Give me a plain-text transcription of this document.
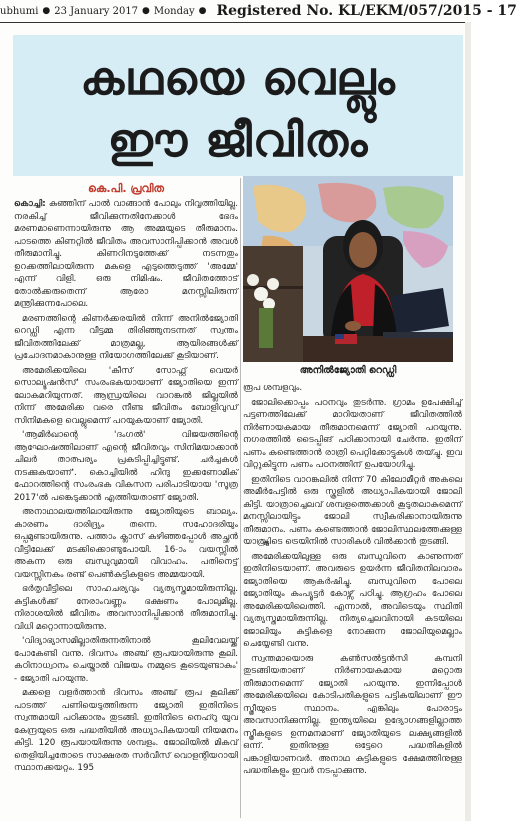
ubhumi ● 23 January 2017 ● Monday ● Registered No. KL/EKM/057/2015 - 17
കഥയെ വെല്ലും
ഈ ജീവിതം
കെ.പി. പ്രവിത
അനിൽജ്യോതി റെഡ്ഡി

കൊച്ചി: കുഞ്ഞിന് പാൽ വാങ്ങാൻ പോലും നിവൃത്തിയില്ല. നരകിച്ച് ജീവിക്കുന്നതിനേക്കാൾ ഭേദം മരണമാണെന്നായിരുന്നു ആ അമ്മയുടെ തീരുമാനം. പാടത്തെ കിണറ്റിൽ ജീവിതം അവസാനിപ്പിക്കാൻ അവൾ തീരുമാനിച്ചു. കിണറിനടുത്തേക്ക് നടന്നതും ഉറക്കത്തിലായിരുന്ന മകളെ എടുത്തെടുത്ത് 'അമ്മേ' എന്ന് വിളി. ഒരു നിമിഷം. ജീവിതത്തോട് തോൽക്കരുതെന്ന് ആരോ മനസ്സിലിരുന്ന് മന്ത്രിക്കുന്നപോലെ.

മരണത്തിന്റെ കിണർക്കരയിൽ നിന്ന് അനിൽജ്യോതി റെഡ്ഡി എന്ന വീട്ടമ്മ തിരിഞ്ഞുനടന്നത് സ്വന്തം ജീവിതത്തിലേക്ക് മാത്രമല്ല, ആയിരങ്ങൾക്ക് പ്രചോദനമാകാനുള്ള നിയോഗത്തിലേക്ക് കൂടിയാണ്.

അമേരിക്കയിലെ 'കീസ് സോഫ്റ്റ് വെയർ സൊല്യൂഷൻസ്' സംരംഭകയായാണ് ജ്യോതിയെ ഇന്ന് ലോകമറിയുന്നത്. ആന്ധ്രയിലെ വാറങ്കൽ ജില്ലയിൽ നിന്ന് അമേരിക്ക വരെ നീണ്ട ജീവിതം ബോളിവുഡ് സിനിമകളെ വെല്ലുമെന്ന് പറയുകയാണ് ജ്യോതി.

'ആമിർഖാന്റെ 'ദംഗൽ' വിജയത്തിന്റെ ആഘോഷത്തിലാണ് എന്റെ ജീവിതവും സിനിമയാക്കാൻ ചിലർ താത്പര്യം പ്രകടിപ്പിച്ചിട്ടുണ്ട്. ചർച്ചകൾ നടക്കുകയാണ്'. കൊച്ചിയിൽ ഹിന്ദു ഇക്കണോമിക് ഫോറത്തിന്റെ സംരംഭക വികസന പരിപാടിയായ 'സൂത്ര 2017'ൽ പങ്കെടുക്കാൻ എത്തിയതാണ് ജ്യോതി.

അനാഥാലയത്തിലായിരുന്നു ജ്യോതിയുടെ ബാല്യം. കാരണം ദാരിദ്ര്യം തന്നെ. സഹോദരിയും ഒപ്പമുണ്ടായിരുന്നു. പത്താം ക്ലാസ് കഴിഞ്ഞപ്പോൾ അച്ഛൻ വീട്ടിലേക്ക് മടക്കിക്കൊണ്ടുപോയി. 16-ാം വയസ്സിൽ അകന്ന ഒരു ബന്ധുവുമായി വിവാഹം. പതിനെട്ട് വയസ്സിനകം രണ്ട് പെൺകുട്ടികളുടെ അമ്മയായി.

ഭർതൃവീട്ടിലെ സാഹചര്യവും വ്യത്യസ്തമായിരുന്നില്ല. കുട്ടികൾക്ക് നേരാംവണ്ണം ഭക്ഷണം പോലുമില്ല. നിരാശയിൽ ജീവിതം അവസാനിപ്പിക്കാൻ തീരുമാനിച്ചു. വിധി മറ്റൊന്നായിരുന്നു.

'വിദ്യാഭ്യാസമില്ലാതിരുന്നതിനാൽ കൂലിവേലയ്ക്ക് പോകേണ്ടി വന്നു. ദിവസം അഞ്ച് രൂപയായിരുന്നു കൂലി. കഠിനാധ്വാനം ചെയ്താൽ വിജയം നമ്മുടെ കൂടെയുണ്ടാകും' - ജ്യോതി പറയുന്നു.

മക്കളെ വളർത്താൻ ദിവസം അഞ്ച് രൂപ കൂലിക്ക് പാടത്ത് പണിയെടുത്തിരുന്ന ജ്യോതി ഇതിനിടെ സ്വന്തമായി പഠിക്കാനും തുടങ്ങി. ഇതിനിടെ നെഹ്റു യുവ കേന്ദ്രയുടെ ഒരു പദ്ധതിയിൽ അധ്യാപികയായി നിയമനം കിട്ടി. 120 രൂപയായിരുന്നു ശമ്പളം. ജോലിയിൽ മികവ് തെളിയിച്ചതോടെ സാക്ഷരത സർവീസ് വൊളന്റിയറായി സ്ഥാനക്കയറ്റം. 195

രൂപ ശമ്പളവും.

ജോലിക്കൊപ്പം പഠനവും തുടർന്നു. ഗ്രാമം ഉപേക്ഷിച്ച് പട്ടണത്തിലേക്ക് മാറിയതാണ് ജീവിതത്തിൽ നിർണായകമായ തീരുമാനമെന്ന് ജ്യോതി പറയുന്നു. നഗരത്തിൽ ടൈപ്പിങ് പഠിക്കാനായി ചേർന്നു. ഇതിന് പണം കണ്ടെത്താൻ രാത്രി പെറ്റിക്കോട്ടുകൾ തയ്ച്ചു. ഇവ വിറ്റുകിട്ടുന്ന പണം പഠനത്തിന് ഉപയോഗിച്ചു.

ഇതിനിടെ വാറങ്കലിൽ നിന്ന് 70 കിലോമീറ്റർ അകലെ അമീർപേട്ടിൽ ഒരു സ്കൂളിൽ അധ്യാപികയായി ജോലി കിട്ടി. യാത്രാച്ചെലവ് ശമ്പളത്തെക്കാൾ കൂടുതലാകുമെന്ന് മനസ്സിലായിട്ടും ജോലി സ്വീകരിക്കാനായിരുന്നു തീരുമാനം. പണം കണ്ടെത്താൻ ജോലിസ്ഥലത്തേക്കുള്ള യാത്ര്യ്ക്കിടെ ട്രെയിനിൽ സാരികൾ വിൽക്കാൻ തുടങ്ങി.

അമേരിക്കയിലുള്ള ഒരു ബന്ധുവിനെ കാണുന്നത് ഇതിനിടെയാണ്. അവരുടെ ഉയർന്ന ജീവിതനിലവാരം ജ്യോതിയെ ആകർഷിച്ചു. ബന്ധുവിനെ പോലെ ജ്യോതിയും കംപ്യൂട്ടർ കോഴ്സ് പഠിച്ചു. ആഗ്രഹം പോലെ അമേരിക്കയിലെത്തി. എന്നാൽ, അവിടെയും സ്ഥിതി വ്യത്യസ്തമായിരുന്നില്ല. നിത്യച്ചെലവിനായി കടയിലെ ജോലിയും കുട്ടികളെ നോക്കുന്ന ജോലിയുമെല്ലാം ചെയ്യേണ്ടി വന്നു.

സ്വന്തമായൊരു കൺസൽട്ടൻസി കമ്പനി തുടങ്ങിയതാണ് നിർണായകമായ മറ്റൊരു തീരുമാനമെന്ന് ജ്യോതി പറയുന്നു. ഇന്നിപ്പോൾ അമേരിക്കയിലെ കോടിപതികളുടെ പട്ടികയിലാണ് ഈ സ്ത്രീയുടെ സ്ഥാനം. എങ്കിലും പോരാട്ടം അവസാനിക്കുന്നില്ല. ഇന്ത്യയിലെ ഉദ്യോഗങ്ങളില്ലാത്ത സ്ത്രീകളുടെ ഉന്നമനമാണ് ജ്യോതിയുടെ ലക്ഷ്യങ്ങളിൽ ഒന്ന്. ഇതിനുള്ള ഒട്ടേറെ പദ്ധതികളിൽ പങ്കാളിയാണവർ. അനാഥ കുട്ടികളുടെ ക്ഷേമത്തിനുള്ള പദ്ധതികളും ഇവർ നടപ്പാക്കുന്നു.
